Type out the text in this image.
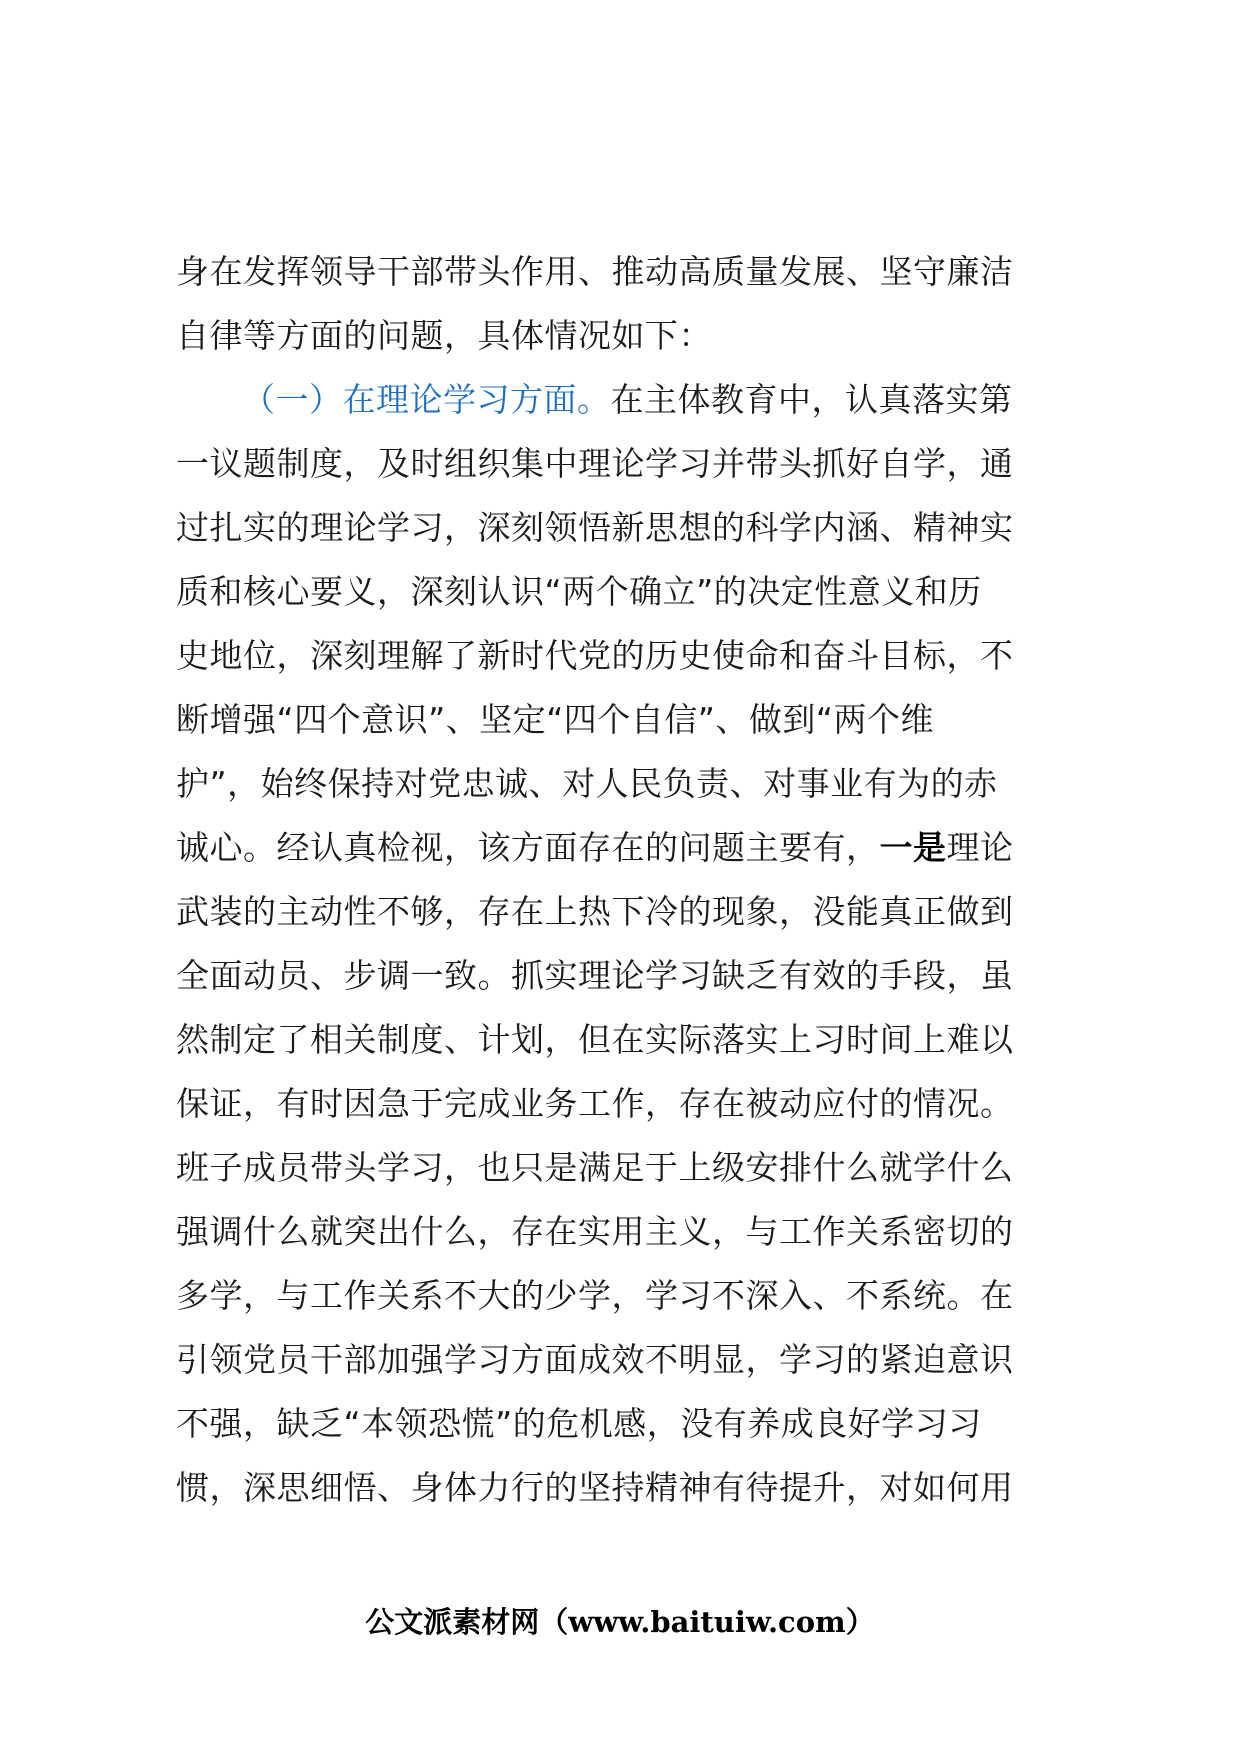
身在发挥领导干部带头作用、推动高质量发展、坚守廉洁
自律等方面的问题，具体情况如下：
（一）在理论学习方面。在主体教育中，认真落实第
一议题制度，及时组织集中理论学习并带头抓好自学，通
过扎实的理论学习，深刻领悟新思想的科学内涵、精神实
质和核心要义，深刻认识“两个确立”的决定性意义和历
史地位，深刻理解了新时代党的历史使命和奋斗目标，不
断增强“四个意识”、坚定“四个自信”、做到“两个维
护”，始终保持对党忠诚、对人民负责、对事业有为的赤
诚心。经认真检视，该方面存在的问题主要有，一是理论
武装的主动性不够，存在上热下冷的现象，没能真正做到
全面动员、步调一致。抓实理论学习缺乏有效的手段，虽
然制定了相关制度、计划，但在实际落实上习时间上难以
保证，有时因急于完成业务工作，存在被动应付的情况。
班子成员带头学习，也只是满足于上级安排什么就学什么
强调什么就突出什么，存在实用主义，与工作关系密切的
多学，与工作关系不大的少学，学习不深入、不系统。在
引领党员干部加强学习方面成效不明显，学习的紧迫意识
不强，缺乏“本领恐慌”的危机感，没有养成良好学习习
惯，深思细悟、身体力行的坚持精神有待提升，对如何用
公文派素材网（www.baituiw.com）
